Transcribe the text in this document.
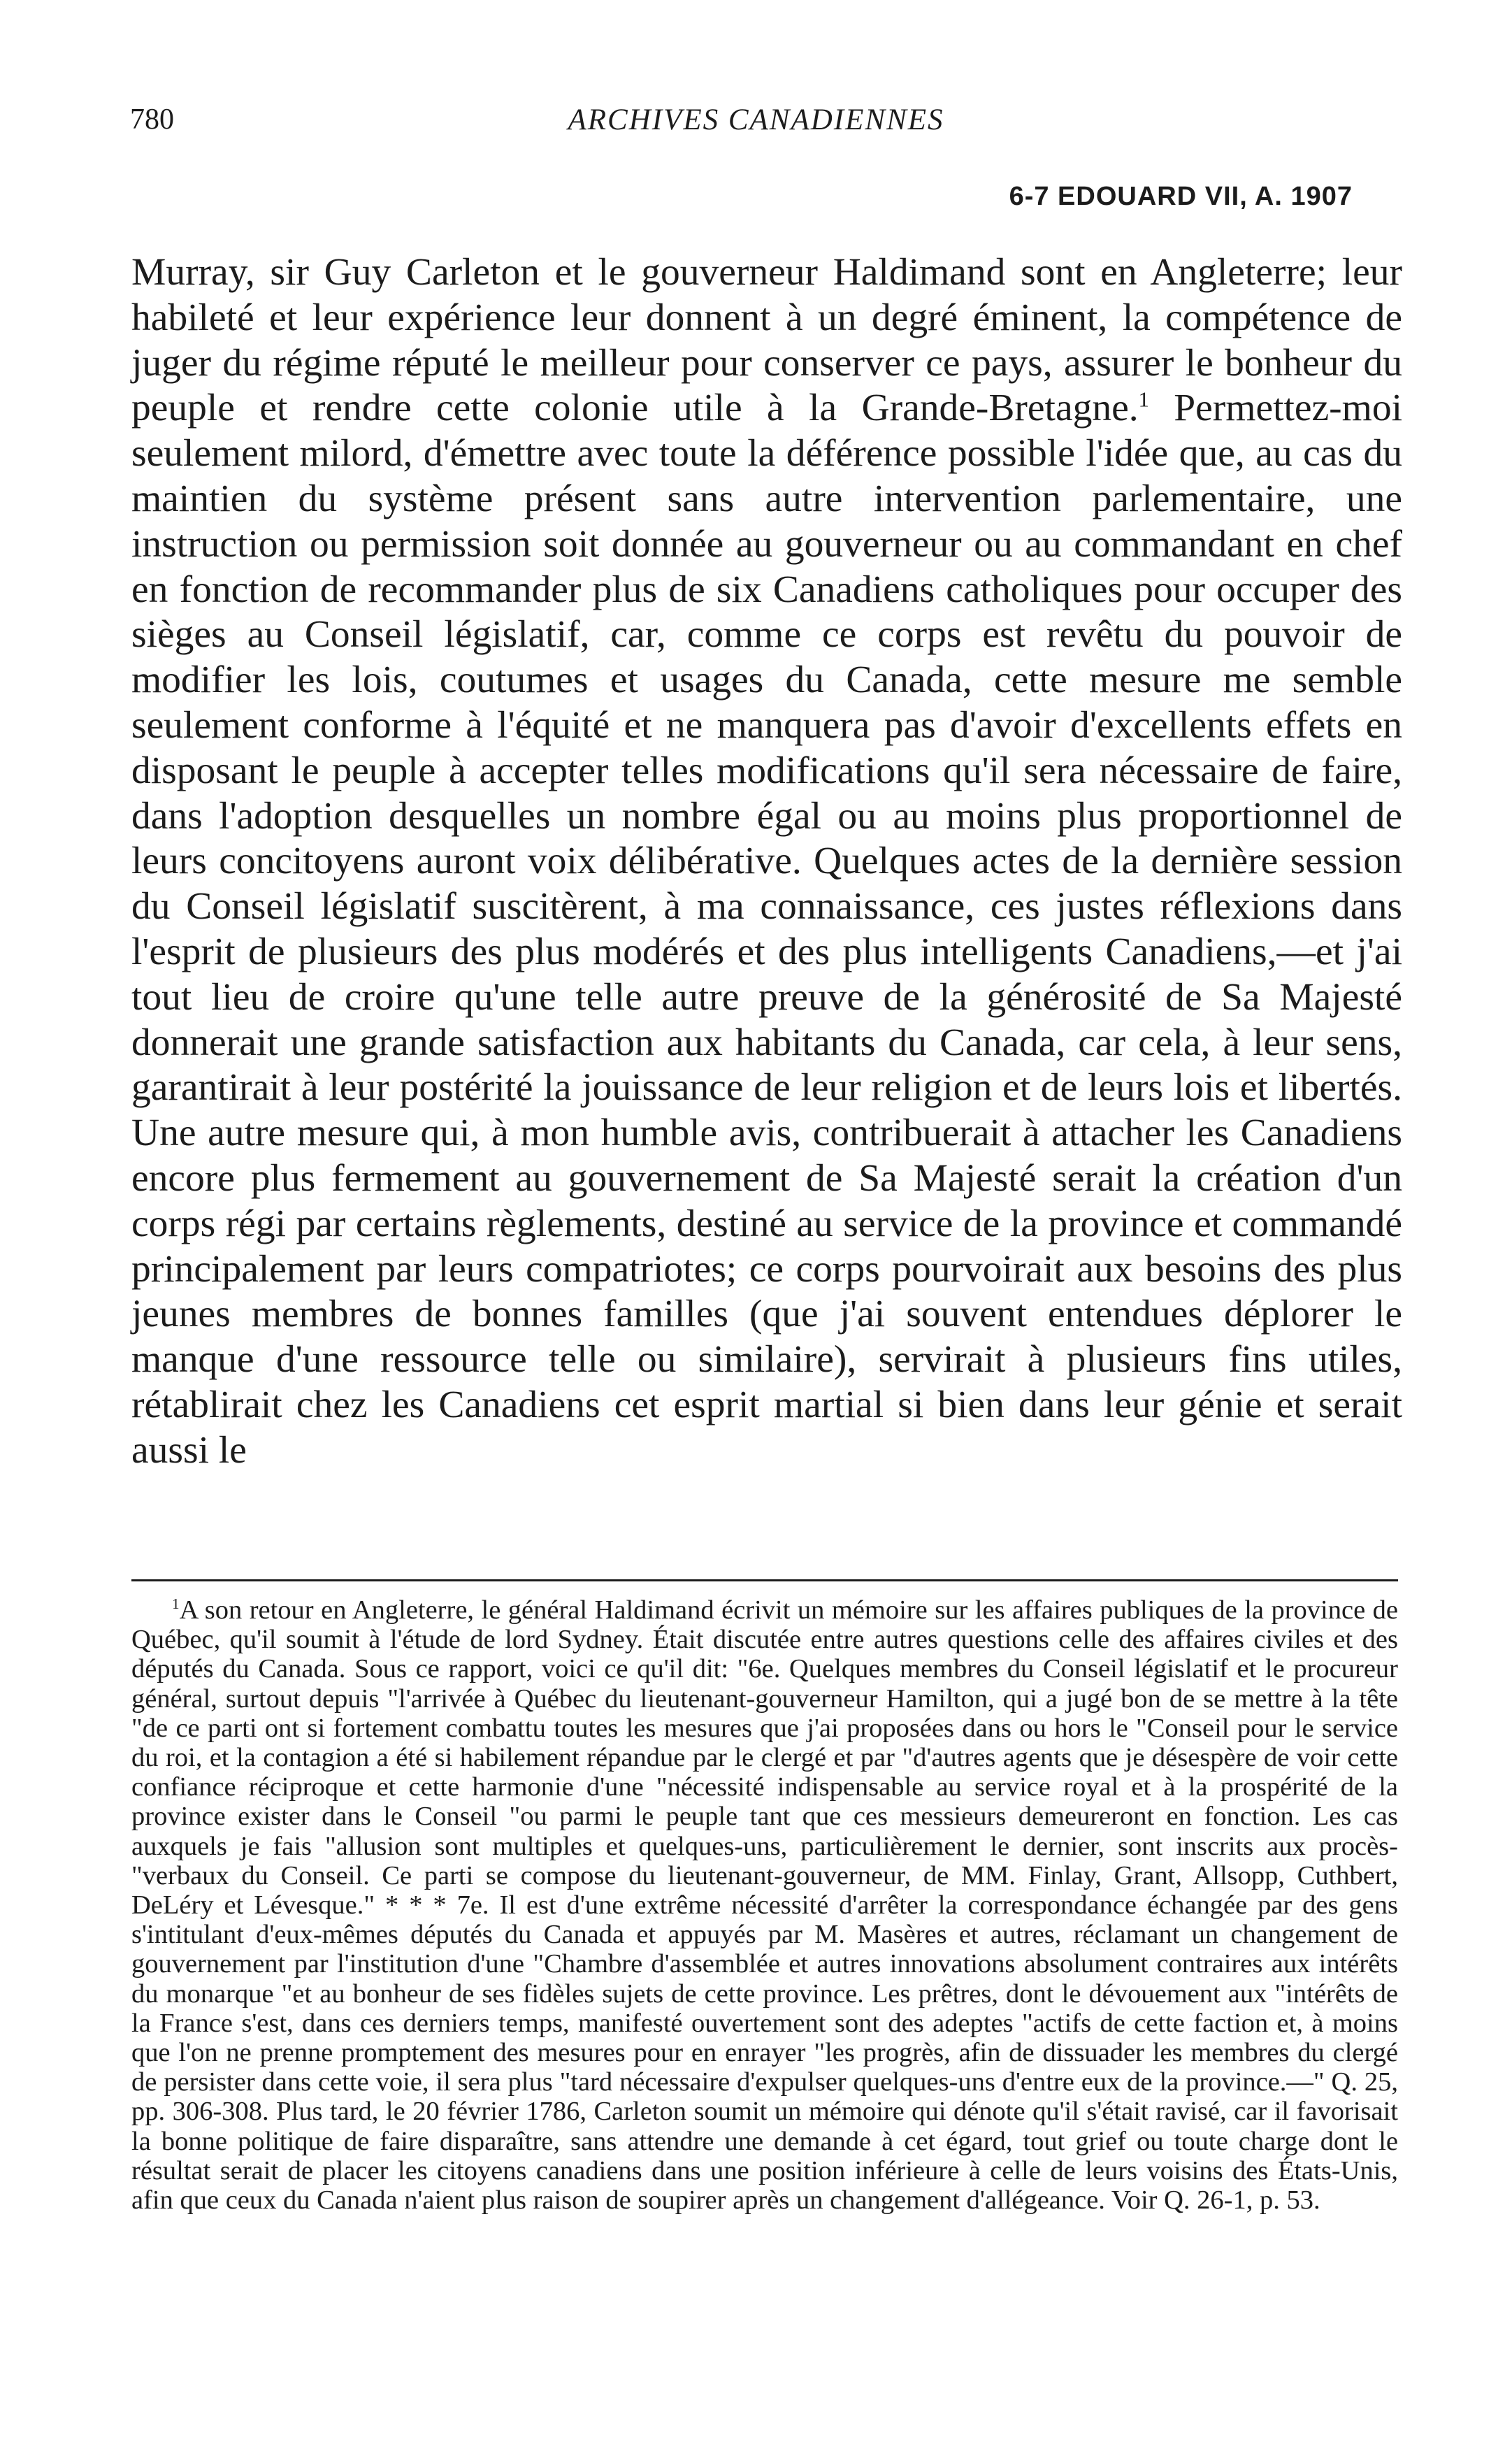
780	ARCHIVES CANADIENNES
6-7 EDOUARD VII, A. 1907

Murray, sir Guy Carleton et le gouverneur Haldimand sont en Angleterre; leur habileté et leur expérience leur donnent à un degré éminent, la compétence de juger du régime réputé le meilleur pour conserver ce pays, assurer le bonheur du peuple et rendre cette colonie utile à la Grande-Bretagne.$^1$ Permettez-moi seulement milord, d'émettre avec toute la déférence possible l'idée que, au cas du maintien du système présent sans autre intervention parlementaire, une instruction ou permission soit donnée au gouverneur ou au commandant en chef en fonction de recommander plus de six Canadiens catholiques pour occuper des sièges au Conseil législatif, car, comme ce corps est revêtu du pouvoir de modifier les lois, coutumes et usages du Canada, cette mesure me semble seulement conforme à l'équité et ne manquera pas d'avoir d'excellents effets en disposant le peuple à accepter telles modifications qu'il sera nécessaire de faire, dans l'adoption desquelles un nombre égal ou au moins plus proportionnel de leurs concitoyens auront voix délibérative. Quelques actes de la dernière session du Conseil législatif suscitèrent, à ma connaissance, ces justes réflexions dans l'esprit de plusieurs des plus modérés et des plus intelligents Canadiens,—et j'ai tout lieu de croire qu'une telle autre preuve de la générosité de Sa Majesté donnerait une grande satisfaction aux habitants du Canada, car cela, à leur sens, garantirait à leur postérité la jouissance de leur religion et de leurs lois et libertés. Une autre mesure qui, à mon humble avis, contribuerait à attacher les Canadiens encore plus fermement au gouvernement de Sa Majesté serait la création d'un corps régi par certains règlements, destiné au service de la province et commandé principalement par leurs compatriotes; ce corps pourvoirait aux besoins des plus jeunes membres de bonnes familles (que j'ai souvent entendues déplorer le manque d'une ressource telle ou similaire), servirait à plusieurs fins utiles, rétablirait chez les Canadiens cet esprit martial si bien dans leur génie et serait aussi le

$^1$A son retour en Angleterre, le général Haldimand écrivit un mémoire sur les affaires publiques de la province de Québec, qu'il soumit à l'étude de lord Sydney. Était discutée entre autres questions celle des affaires civiles et des députés du Canada. Sous ce rapport, voici ce qu'il dit: "6e. Quelques membres du Conseil législatif et le procureur général, surtout depuis "l'arrivée à Québec du lieutenant-gouverneur Hamilton, qui a jugé bon de se mettre à la tête "de ce parti ont si fortement combattu toutes les mesures que j'ai proposées dans ou hors le "Conseil pour le service du roi, et la contagion a été si habilement répandue par le clergé et par "d'autres agents que je désespère de voir cette confiance réciproque et cette harmonie d'une "nécessité indispensable au service royal et à la prospérité de la province exister dans le Conseil "ou parmi le peuple tant que ces messieurs demeureront en fonction. Les cas auxquels je fais "allusion sont multiples et quelques-uns, particulièrement le dernier, sont inscrits aux procès-"verbaux du Conseil. Ce parti se compose du lieutenant-gouverneur, de MM. Finlay, Grant, Allsopp, Cuthbert, DeLéry et Lévesque." * * * 7e. Il est d'une extrême nécessité d'arrêter la correspondance échangée par des gens s'intitulant d'eux-mêmes députés du Canada et appuyés par M. Masères et autres, réclamant un changement de gouvernement par l'institution d'une "Chambre d'assemblée et autres innovations absolument contraires aux intérêts du monarque "et au bonheur de ses fidèles sujets de cette province. Les prêtres, dont le dévouement aux "intérêts de la France s'est, dans ces derniers temps, manifesté ouvertement sont des adeptes "actifs de cette faction et, à moins que l'on ne prenne promptement des mesures pour en enrayer "les progrès, afin de dissuader les membres du clergé de persister dans cette voie, il sera plus "tard nécessaire d'expulser quelques-uns d'entre eux de la province.—" Q. 25, pp. 306-308. Plus tard, le 20 février 1786, Carleton soumit un mémoire qui dénote qu'il s'était ravisé, car il favorisait la bonne politique de faire disparaître, sans attendre une demande à cet égard, tout grief ou toute charge dont le résultat serait de placer les citoyens canadiens dans une position inférieure à celle de leurs voisins des États-Unis, afin que ceux du Canada n'aient plus raison de soupirer après un changement d'allégeance. Voir Q. 26-1, p. 53.
